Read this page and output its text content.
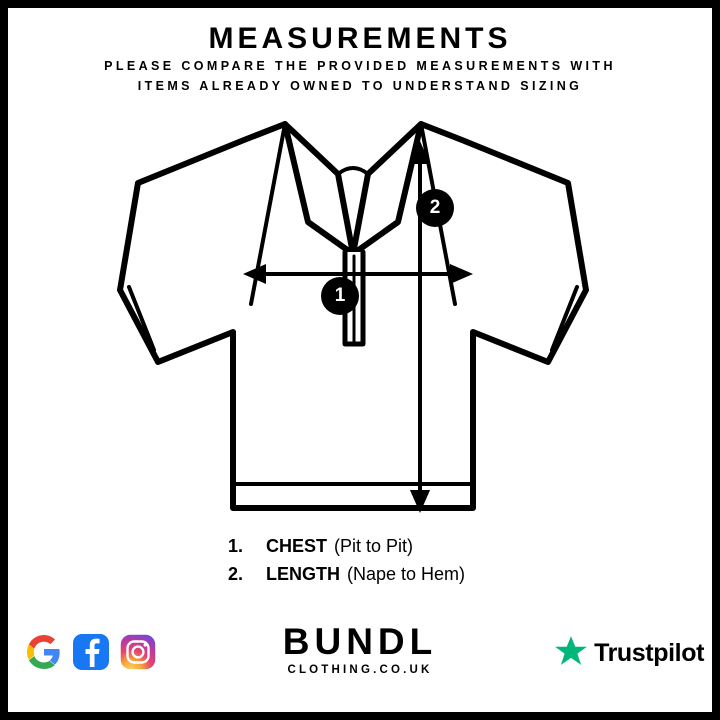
MEASUREMENTS
PLEASE COMPARE THE PROVIDED MEASUREMENTS WITH
ITEMS ALREADY OWNED TO UNDERSTAND SIZING
1
2
1.	CHEST (Pit to Pit)
2.	LENGTH (Nape to Hem)
BUNDL
CLOTHING.CO.UK
Trustpilot
